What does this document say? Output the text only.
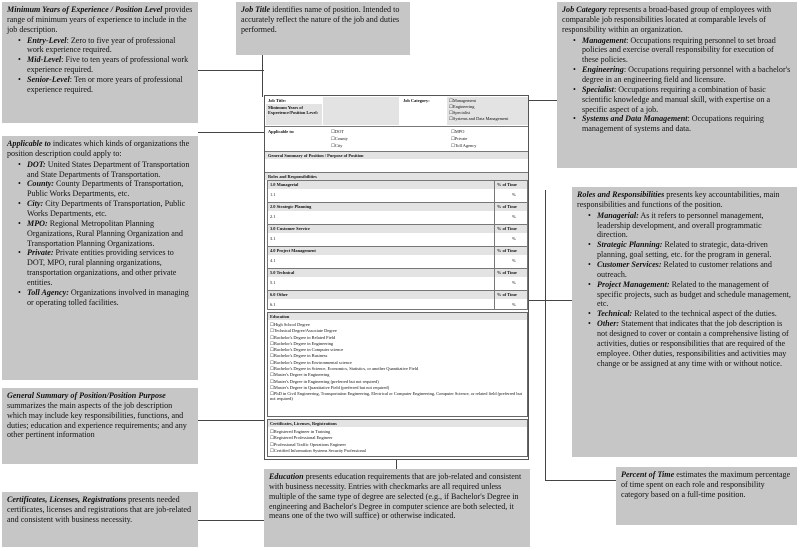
Minimum Years of Experience / Position Level provides range of minimum years of experience to include in the job description.
• Entry-Level: Zero to five year of professional work experience required.
• Mid-Level: Five to ten years of professional work experience required.
• Senior-Level: Ten or more years of professional experience required.
Job Title identifies name of position. Intended to accurately reflect the nature of the job and duties performed.
Job Category represents a broad-based group of employees with comparable job responsibilities located at comparable levels of responsibility within an organization.
• Management: Occupations requiring personnel to set broad policies and exercise overall responsibility for execution of these policies.
• Engineering: Occupations requiring personnel with a bachelor's degree in an engineering field and licensure.
• Specialist: Occupations requiring a combination of basic scientific knowledge and manual skill, with expertise on a specific aspect of a job.
• Systems and Data Management: Occupations requiring management of systems and data.
Applicable to indicates which kinds of organizations the position description could apply to:
• DOT: United States Department of Transportation and State Departments of Transportation.
• County: County Departments of Transportation, Public Works Departments, etc.
• City: City Departments of Transportation, Public Works Departments, etc.
• MPO: Regional Metropolitan Planning Organizations, Rural Planning Organization and Transportation Planning Organizations.
• Private: Private entities providing services to DOT, MPO, rural planning organizations, transportation organizations, and other private entities.
• Toll Agency: Organizations involved in managing or operating tolled facilities.
Roles and Responsibilities presents key accountabilities, main responsibilities and functions of the position.
• Managerial: As it refers to personnel management, leadership development, and overall programmatic direction.
• Strategic Planning: Related to strategic, data-driven planning, goal setting, etc. for the program in general.
• Customer Services: Related to customer relations and outreach.
• Project Management: Related to the management of specific projects, such as budget and schedule management, etc.
• Technical: Related to the technical aspect of the duties.
• Other: Statement that indicates that the job description is not designed to cover or contain a comprehensive listing of activities, duties or responsibilities that are required of the employee. Other duties, responsibilities and activities may change or be assigned at any time with or without notice.
General Summary of Position/Position Purpose summarizes the main aspects of the job description which may include key responsibilities, functions, and duties; education and experience requirements; and any other pertinent information
Percent of Time estimates the maximum percentage of time spent on each role and responsibility category based on a full-time position.
Certificates, Licenses, Registrations presents needed certificates, licenses and registrations that are job-related and consistent with business necessity.
Education presents education requirements that are job-related and consistent with business necessity. Entries with checkmarks are all required unless multiple of the same type of degree are selected (e.g., if Bachelor's Degree in engineering and Bachelor's Degree in computer science are both selected, it means one of the two will suffice) or otherwise indicated.
Job Title:	Job Category:	☐Management
☐Engineering
☐Specialist
☐Systems and Data Management
Minimum Years of Experience/Position Level:
Applicable to:	☐DOT
☐County
☐City
☐MPO
☐Private
☐Toll Agency
General Summary of Position / Purpose of Position
Roles and Responsibilities
1.0 Managerial	% of Time
1.1	%
2.0 Strategic Planning	% of Time
2.1	%
3.0 Customer Service	% of Time
3.1	%
4.0 Project Management	% of Time
4.1	%
5.0 Technical	% of Time
5.1	%
6.0 Other	% of Time
6.1	%
Education
☐High School Degree
☐Technical Degree/Associate Degree
☐Bachelor's Degree in Related Field
☐Bachelor's Degree in Engineering
☐Bachelor's Degree in Computer science
☐Bachelor's Degree in Business
☐Bachelor's Degree in Environmental science
☐Bachelor's Degree in Science, Economics, Statistics, or another Quantitative Field
☐Master's Degree in Engineering
☐Master's Degree in Engineering (preferred but not required)
☐Master's Degree in Quantitative Field (preferred but not required)
☐PhD in Civil Engineering, Transportation Engineering, Electrical or Computer Engineering, Computer Science, or related field (preferred but not required)
Certificates, Licenses, Registrations
☐Registered Engineer in Training
☐Registered Professional Engineer
☐Professional Traffic Operations Engineer
☐Certified Information Systems Security Professional
